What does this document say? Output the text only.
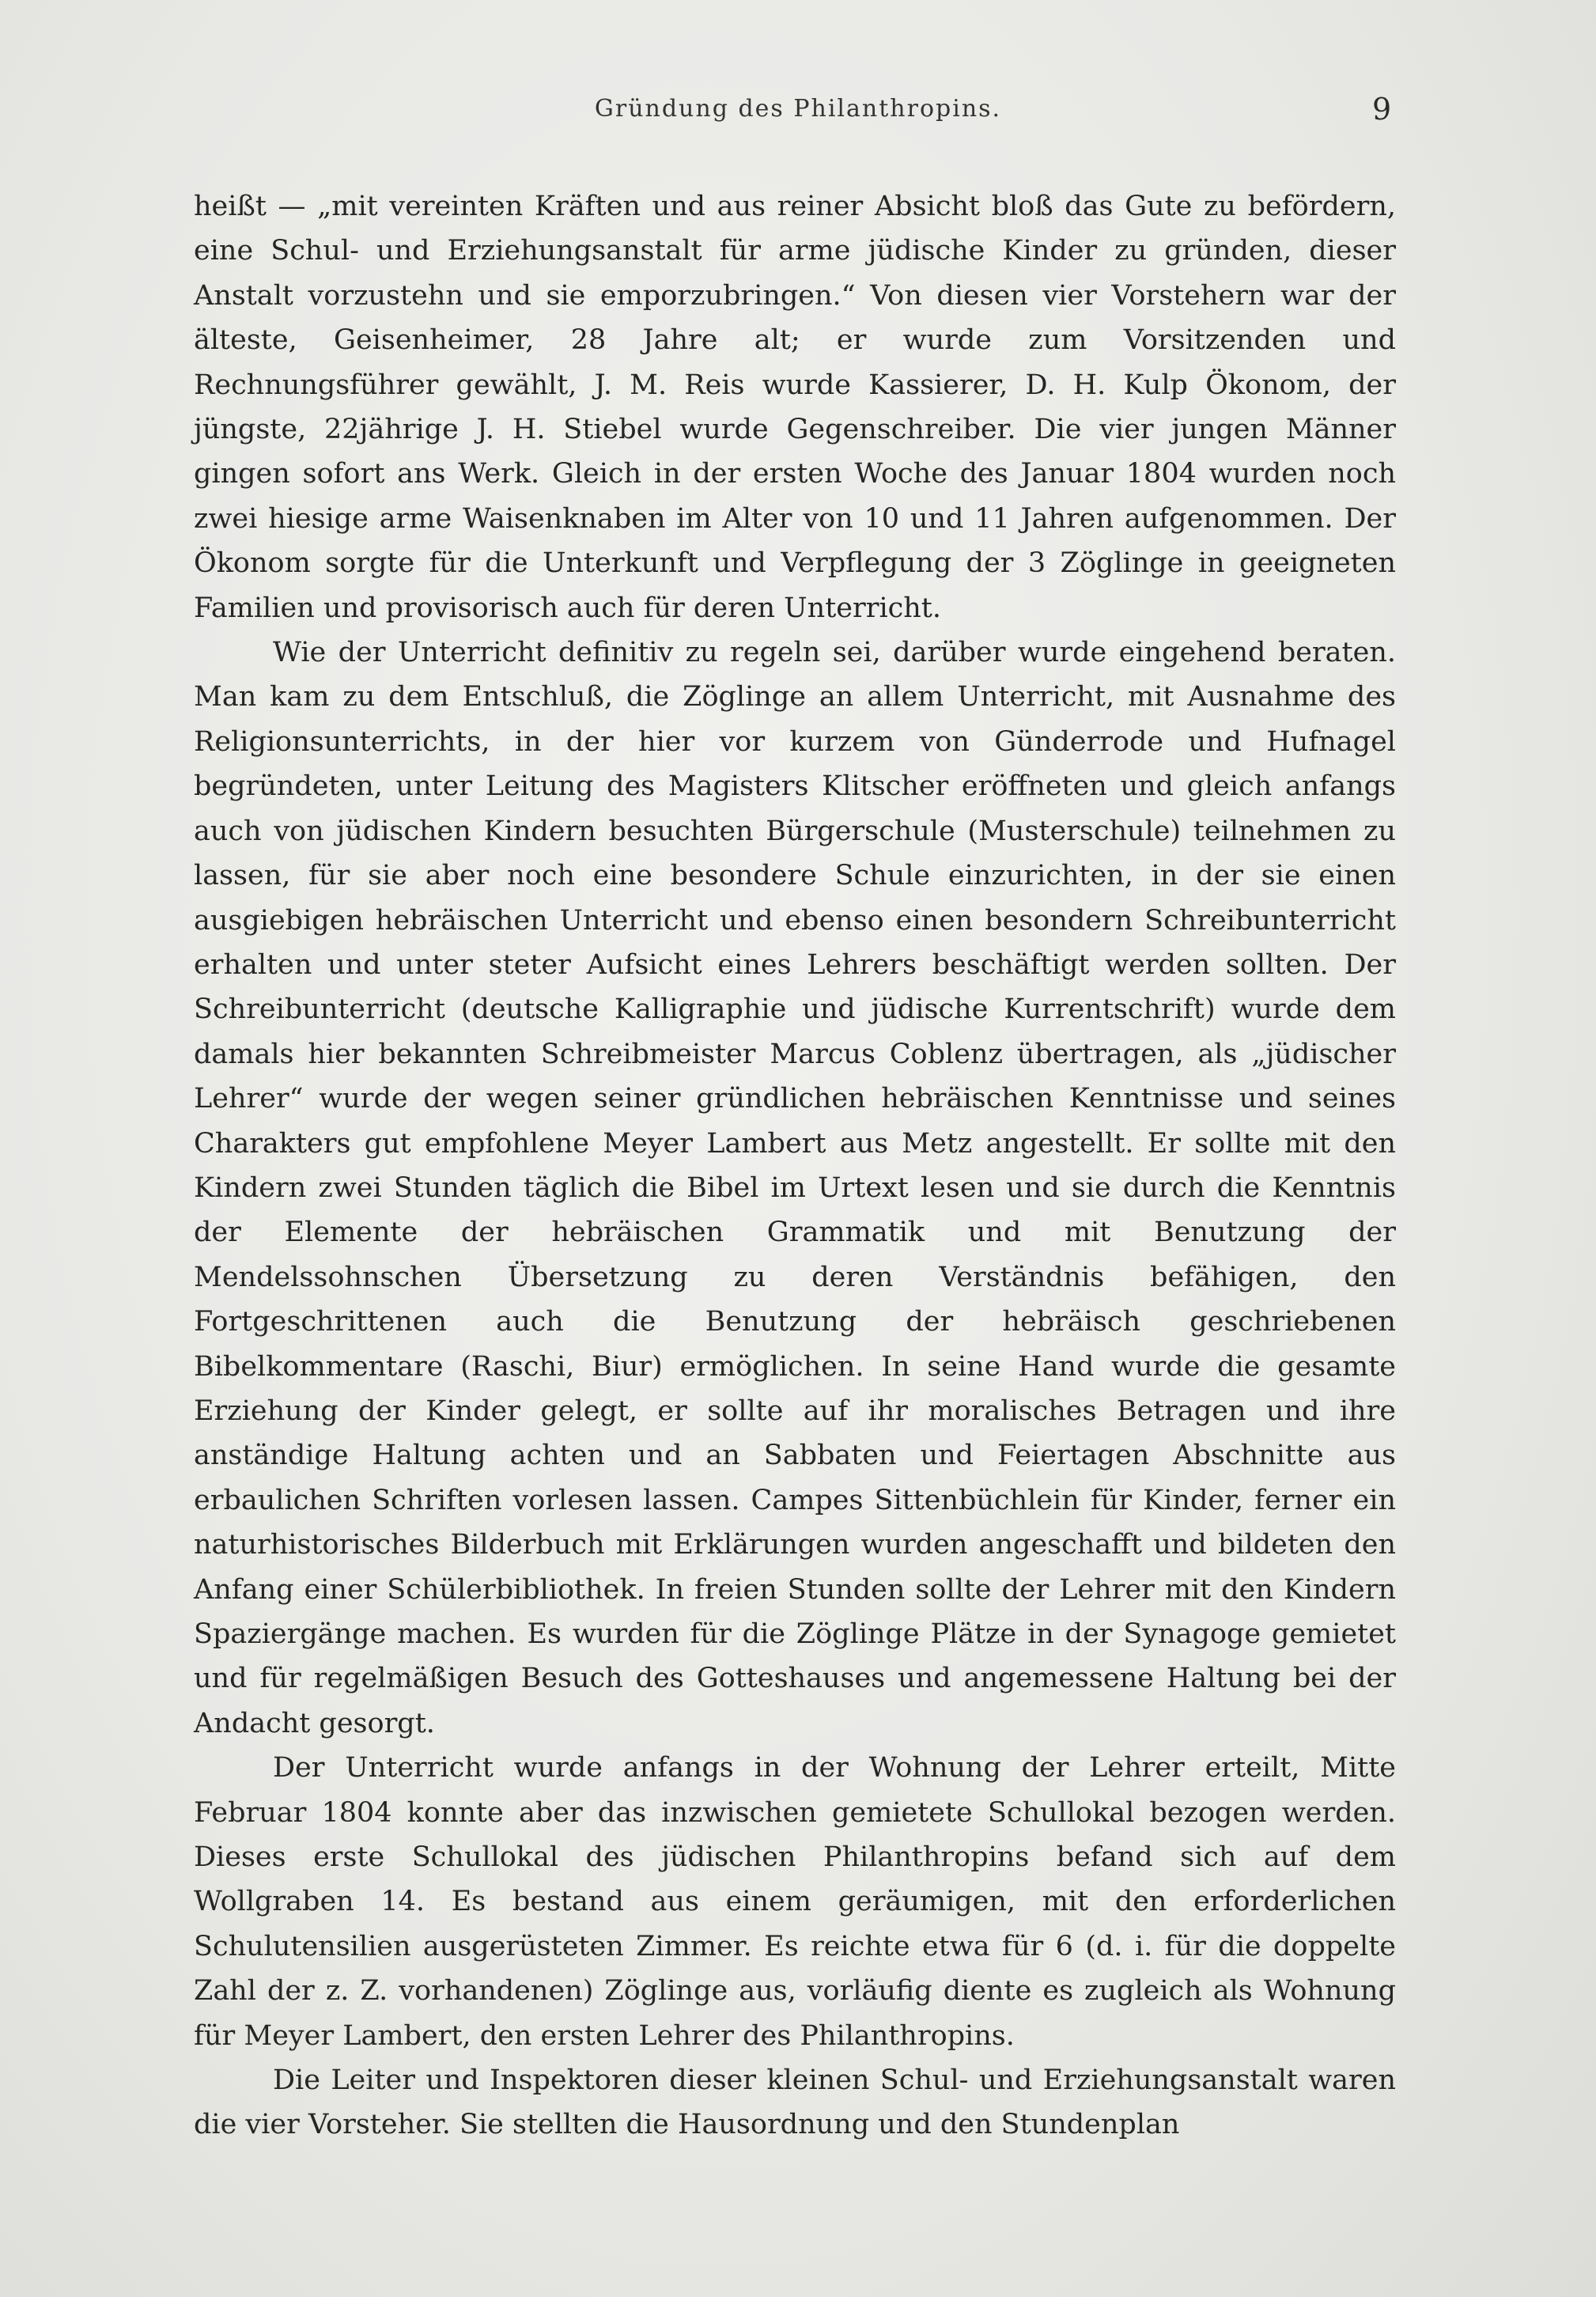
Gründung des Philanthropins.	9

heißt — „mit vereinten Kräften und aus reiner Absicht bloß das Gute zu befördern, eine Schul- und Erziehungsanstalt für arme jüdische Kinder zu gründen, dieser Anstalt vorzustehn und sie emporzubringen.“ Von diesen vier Vorstehern war der älteste, Geisenheimer, 28 Jahre alt; er wurde zum Vorsitzenden und Rechnungsführer gewählt, J. M. Reis wurde Kassierer, D. H. Kulp Ökonom, der jüngste, 22jährige J. H. Stiebel wurde Gegenschreiber. Die vier jungen Männer gingen sofort ans Werk. Gleich in der ersten Woche des Januar 1804 wurden noch zwei hiesige arme Waisenknaben im Alter von 10 und 11 Jahren aufgenommen. Der Ökonom sorgte für die Unterkunft und Verpflegung der 3 Zöglinge in geeigneten Familien und provisorisch auch für deren Unterricht.

Wie der Unterricht definitiv zu regeln sei, darüber wurde eingehend beraten. Man kam zu dem Entschluß, die Zöglinge an allem Unterricht, mit Ausnahme des Religionsunterrichts, in der hier vor kurzem von Günderrode und Hufnagel begründeten, unter Leitung des Magisters Klitscher eröffneten und gleich anfangs auch von jüdischen Kindern besuchten Bürgerschule (Musterschule) teilnehmen zu lassen, für sie aber noch eine besondere Schule einzurichten, in der sie einen ausgiebigen hebräischen Unterricht und ebenso einen besondern Schreibunterricht erhalten und unter steter Aufsicht eines Lehrers beschäftigt werden sollten. Der Schreibunterricht (deutsche Kalligraphie und jüdische Kurrentschrift) wurde dem damals hier bekannten Schreibmeister Marcus Coblenz übertragen, als „jüdischer Lehrer“ wurde der wegen seiner gründlichen hebräischen Kenntnisse und seines Charakters gut empfohlene Meyer Lambert aus Metz angestellt. Er sollte mit den Kindern zwei Stunden täglich die Bibel im Urtext lesen und sie durch die Kenntnis der Elemente der hebräischen Grammatik und mit Benutzung der Mendelssohnschen Übersetzung zu deren Verständnis befähigen, den Fortgeschrittenen auch die Benutzung der hebräisch geschriebenen Bibelkommentare (Raschi, Biur) ermöglichen. In seine Hand wurde die gesamte Erziehung der Kinder gelegt, er sollte auf ihr moralisches Betragen und ihre anständige Haltung achten und an Sabbaten und Feiertagen Abschnitte aus erbaulichen Schriften vorlesen lassen. Campes Sittenbüchlein für Kinder, ferner ein naturhistorisches Bilderbuch mit Erklärungen wurden angeschafft und bildeten den Anfang einer Schülerbibliothek. In freien Stunden sollte der Lehrer mit den Kindern Spaziergänge machen. Es wurden für die Zöglinge Plätze in der Synagoge gemietet und für regelmäßigen Besuch des Gotteshauses und angemessene Haltung bei der Andacht gesorgt.

Der Unterricht wurde anfangs in der Wohnung der Lehrer erteilt, Mitte Februar 1804 konnte aber das inzwischen gemietete Schullokal bezogen werden. Dieses erste Schullokal des jüdischen Philanthropins befand sich auf dem Wollgraben 14. Es bestand aus einem geräumigen, mit den erforderlichen Schulutensilien ausgerüsteten Zimmer. Es reichte etwa für 6 (d. i. für die doppelte Zahl der z. Z. vorhandenen) Zöglinge aus, vorläufig diente es zugleich als Wohnung für Meyer Lambert, den ersten Lehrer des Philanthropins.

Die Leiter und Inspektoren dieser kleinen Schul- und Erziehungsanstalt waren die vier Vorsteher. Sie stellten die Hausordnung und den Stundenplan
